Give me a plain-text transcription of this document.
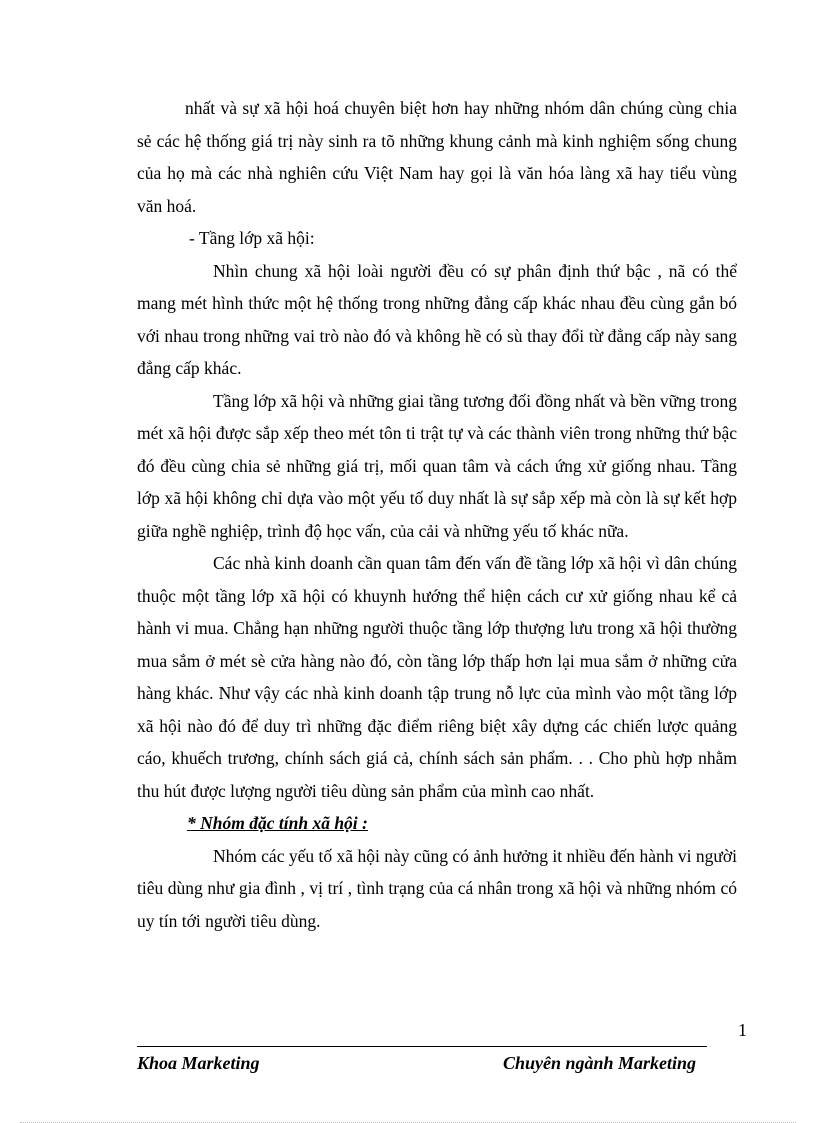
nhất và sự xã hội hoá chuyên biệt hơn hay những nhóm dân chúng cùng chia sẻ các hệ thống giá trị này sinh ra tõ những khung cảnh mà kinh nghiệm sống chung của họ mà các nhà nghiên cứu Việt Nam hay gọi là văn hóa làng xã hay tiểu vùng văn hoá.

- Tầng lớp xã hội:

Nhìn chung xã hội loài người đều có sự phân định thứ bậc , nã có thể mang mét hình thức một hệ thống trong những đẳng cấp khác nhau đều cùng gắn bó với nhau trong những vai trò nào đó và không hề có sù thay đổi từ đẳng cấp này sang đẳng cấp khác.

Tầng lớp xã hội và những giai tầng tương đối đồng nhất và bền vững trong mét xã hội được sắp xếp theo mét tôn ti trật tự và các thành viên trong những thứ bậc đó đều cùng chia sẻ những giá trị, mối quan tâm và cách ứng xử giống nhau. Tầng lớp xã hội không chỉ dựa vào một yếu tố duy nhất là sự sắp xếp mà còn là sự kết hợp giữa nghề nghiệp, trình độ học vấn, của cải và những yếu tố khác nữa.

Các nhà kinh doanh cần quan tâm đến vấn đề tầng lớp xã hội vì dân chúng thuộc một tầng lớp xã hội có khuynh hướng thể hiện cách cư xử giống nhau kể cả hành vi mua. Chẳng hạn những người thuộc tầng lớp thượng lưu trong xã hội thường mua sắm ở mét sè cửa hàng nào đó, còn tầng lớp thấp hơn lại mua sắm ở những cửa hàng khác. Như vậy các nhà kinh doanh tập trung nỗ lực của mình vào một tầng lớp xã hội nào đó để duy trì những đặc điểm riêng biệt xây dựng các chiến lược quảng cáo, khuếch trương, chính sách giá cả, chính sách sản phẩm. . . Cho phù hợp nhằm thu hút được lượng người tiêu dùng sản phẩm của mình cao nhất.

* Nhóm đặc tính xã hội :

Nhóm các yếu tố xã hội này cũng có ảnh hưởng it nhiều đến hành vi người tiêu dùng như gia đình , vị trí , tình trạng của cá nhân trong xã hội và những nhóm có uy tín tới người tiêu dùng.

1
Khoa Marketing	Chuyên ngành Marketing
